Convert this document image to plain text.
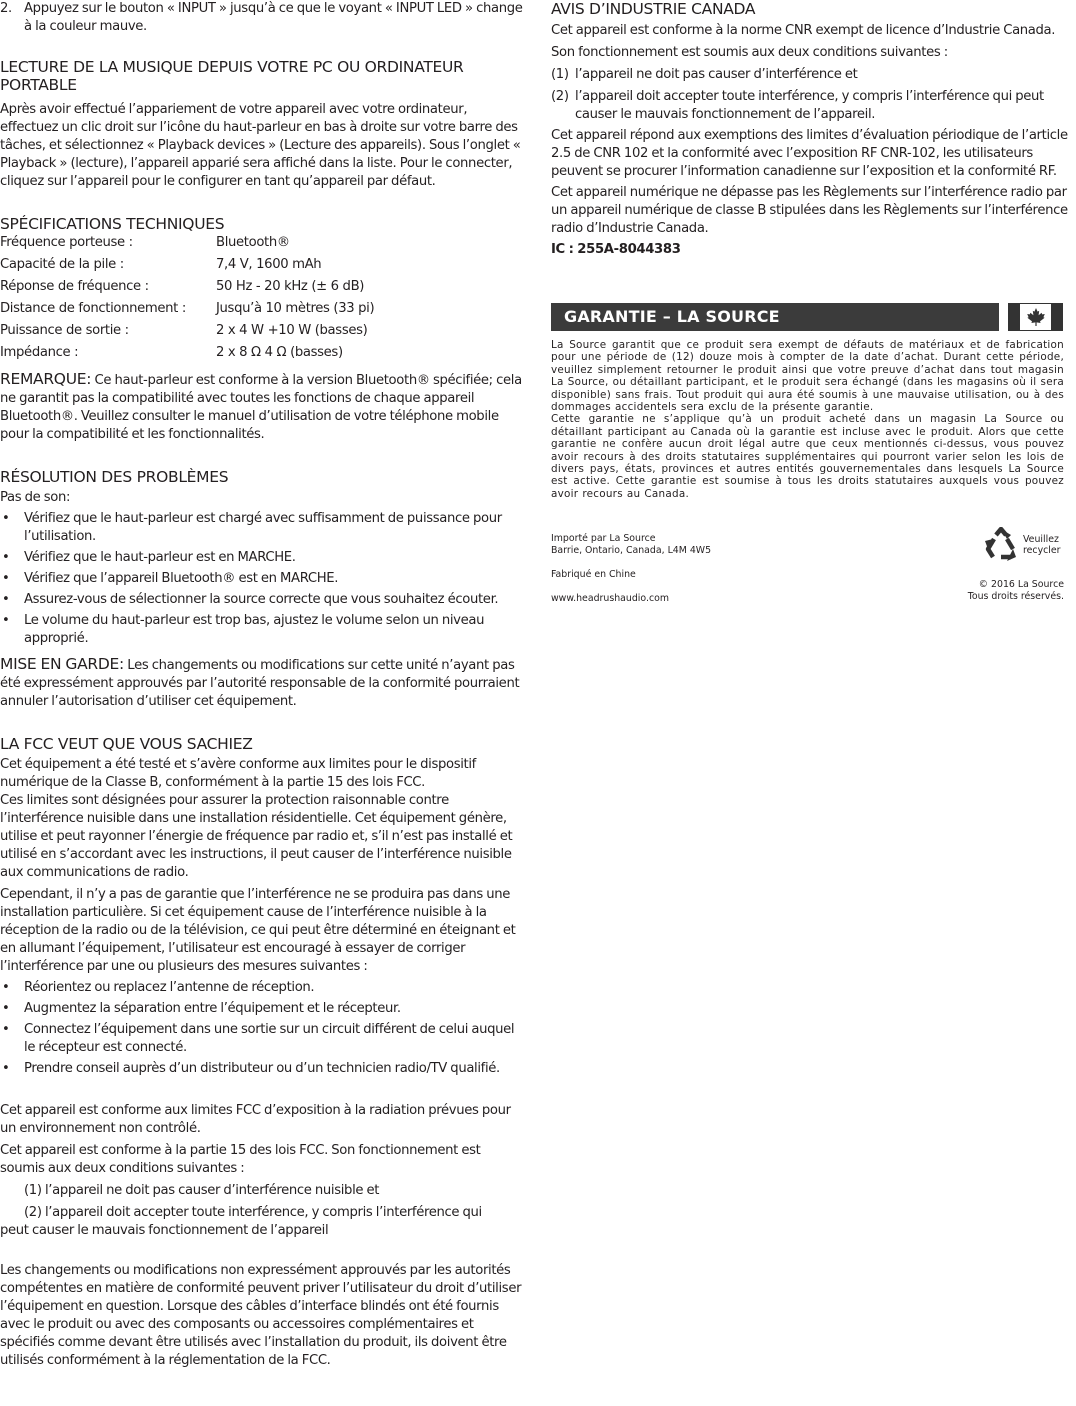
2. Appuyez sur le bouton « INPUT » jusqu’à ce que le voyant « INPUT LED » change à la couleur mauve.
LECTURE DE LA MUSIQUE DEPUIS VOTRE PC OU ORDINATEUR PORTABLE

Après avoir effectué l’appariement de votre appareil avec votre ordinateur, effectuez un clic droit sur l’icône du haut-parleur en bas à droite sur votre barre des tâches, et sélectionnez « Playback devices » (Lecture des appareils). Sous l’onglet « Playback » (lecture), l’appareil apparié sera affiché dans la liste. Pour le connecter, cliquez sur l’appareil pour le configurer en tant qu’appareil par défaut.

SPÉCIFICATIONS TECHNIQUES
Fréquence porteuse :	Bluetooth®
Capacité de la pile :	7,4 V, 1600 mAh
Réponse de fréquence :	50 Hz - 20 kHz (± 6 dB)
Distance de fonctionnement :	Jusqu’à 10 mètres (33 pi)
Puissance de sortie :	2 x 4 W +10 W (basses)
Impédance :	2 x 8 Ω 4 Ω (basses)

REMARQUE: Ce haut-parleur est conforme à la version Bluetooth® spécifiée; cela ne garantit pas la compatibilité avec toutes les fonctions de chaque appareil Bluetooth®. Veuillez consulter le manuel d’utilisation de votre téléphone mobile pour la compatibilité et les fonctionnalités.

RÉSOLUTION DES PROBLÈMES

Pas de son:

• Vérifiez que le haut-parleur est chargé avec suffisamment de puissance pour l’utilisation.
• Vérifiez que le haut-parleur est en MARCHE.
• Vérifiez que l’appareil Bluetooth® est en MARCHE.
• Assurez-vous de sélectionner la source correcte que vous souhaitez écouter.
• Le volume du haut-parleur est trop bas, ajustez le volume selon un niveau approprié.

MISE EN GARDE: Les changements ou modifications sur cette unité n’ayant pas été expressément approuvés par l’autorité responsable de la conformité pourraient annuler l’autorisation d’utiliser cet équipement.

LA FCC VEUT QUE VOUS SACHIEZ

Cet équipement a été testé et s’avère conforme aux limites pour le dispositif numérique de la Classe B, conformément à la partie 15 des lois FCC.

Ces limites sont désignées pour assurer la protection raisonnable contre l’interférence nuisible dans une installation résidentielle. Cet équipement génère, utilise et peut rayonner l’énergie de fréquence par radio et, s’il n’est pas installé et utilisé en s’accordant avec les instructions, il peut causer de l’interférence nuisible aux communications de radio.

Cependant, il n’y a pas de garantie que l’interférence ne se produira pas dans une installation particulière. Si cet équipement cause de l’interférence nuisible à la réception de la radio ou de la télévision, ce qui peut être déterminé en éteignant et en allumant l’équipement, l’utilisateur est encouragé à essayer de corriger l’interférence par une ou plusieurs des mesures suivantes :

• Réorientez ou replacez l’antenne de réception.
• Augmentez la séparation entre l’équipement et le récepteur.
• Connectez l’équipement dans une sortie sur un circuit différent de celui auquel le récepteur est connecté.
• Prendre conseil auprès d’un distributeur ou d’un technicien radio/TV qualifié.

Cet appareil est conforme aux limites FCC d’exposition à la radiation prévues pour un environnement non contrôlé.

Cet appareil est conforme à la partie 15 des lois FCC. Son fonctionnement est soumis aux deux conditions suivantes :

(1) l’appareil ne doit pas causer d’interférence nuisible et

(2) l’appareil doit accepter toute interférence, y compris l’interférence qui

peut causer le mauvais fonctionnement de l’appareil

Les changements ou modifications non expressément approuvés par les autorités compétentes en matière de conformité peuvent priver l’utilisateur du droit d’utiliser l’équipement en question. Lorsque des câbles d’interface blindés ont été fournis avec le produit ou avec des composants ou accessoires complémentaires et spécifiés comme devant être utilisés avec l’installation du produit, ils doivent être utilisés conformément à la réglementation de la FCC.

AVIS D’INDUSTRIE CANADA

Cet appareil est conforme à la norme CNR exempt de licence d’Industrie Canada.

Son fonctionnement est soumis aux deux conditions suivantes :

(1) l’appareil ne doit pas causer d’interférence et
(2) l’appareil doit accepter toute interférence, y compris l’interférence qui peut causer le mauvais fonctionnement de l’appareil.

Cet appareil répond aux exemptions des limites d’évaluation périodique de l’article 2.5 de CNR 102 et la conformité avec l’exposition RF CNR-102, les utilisateurs peuvent se procurer l’information canadienne sur l’exposition et la conformité RF.

Cet appareil numérique ne dépasse pas les Règlements sur l’interférence radio par un appareil numérique de classe B stipulées dans les Règlements sur l’interférence radio d’Industrie Canada.

IC : 255A-8044383

GARANTIE – LA SOURCE

La Source garantit que ce produit sera exempt de défauts de matériaux et de fabrication pour une période de (12) douze mois à compter de la date d’achat. Durant cette période, veuillez simplement retourner le produit ainsi que votre preuve d’achat dans tout magasin La Source, ou détaillant participant, et le produit sera échangé (dans les magasins où il sera disponible) sans frais. Tout produit qui aura été soumis à une mauvaise utilisation, ou à des dommages accidentels sera exclu de la présente garantie.

Cette garantie ne s’applique qu’à un produit acheté dans un magasin La Source ou détaillant participant au Canada où la garantie est incluse avec le produit. Alors que cette garantie ne confère aucun droit légal autre que ceux mentionnés ci-dessus, vous pouvez avoir recours à des droits statutaires supplémentaires qui pourront varier selon les lois de divers pays, états, provinces et autres entités gouvernementales dans lesquels La Source est active. Cette garantie est soumise à tous les droits statutaires auxquels vous pouvez avoir recours au Canada.

Importé par La Source

Barrie, Ontario, Canada, L4M 4W5

Fabriqué en Chine

www.headrushaudio.com

Veuillez
recycler

© 2016 La Source

Tous droits réservés.
